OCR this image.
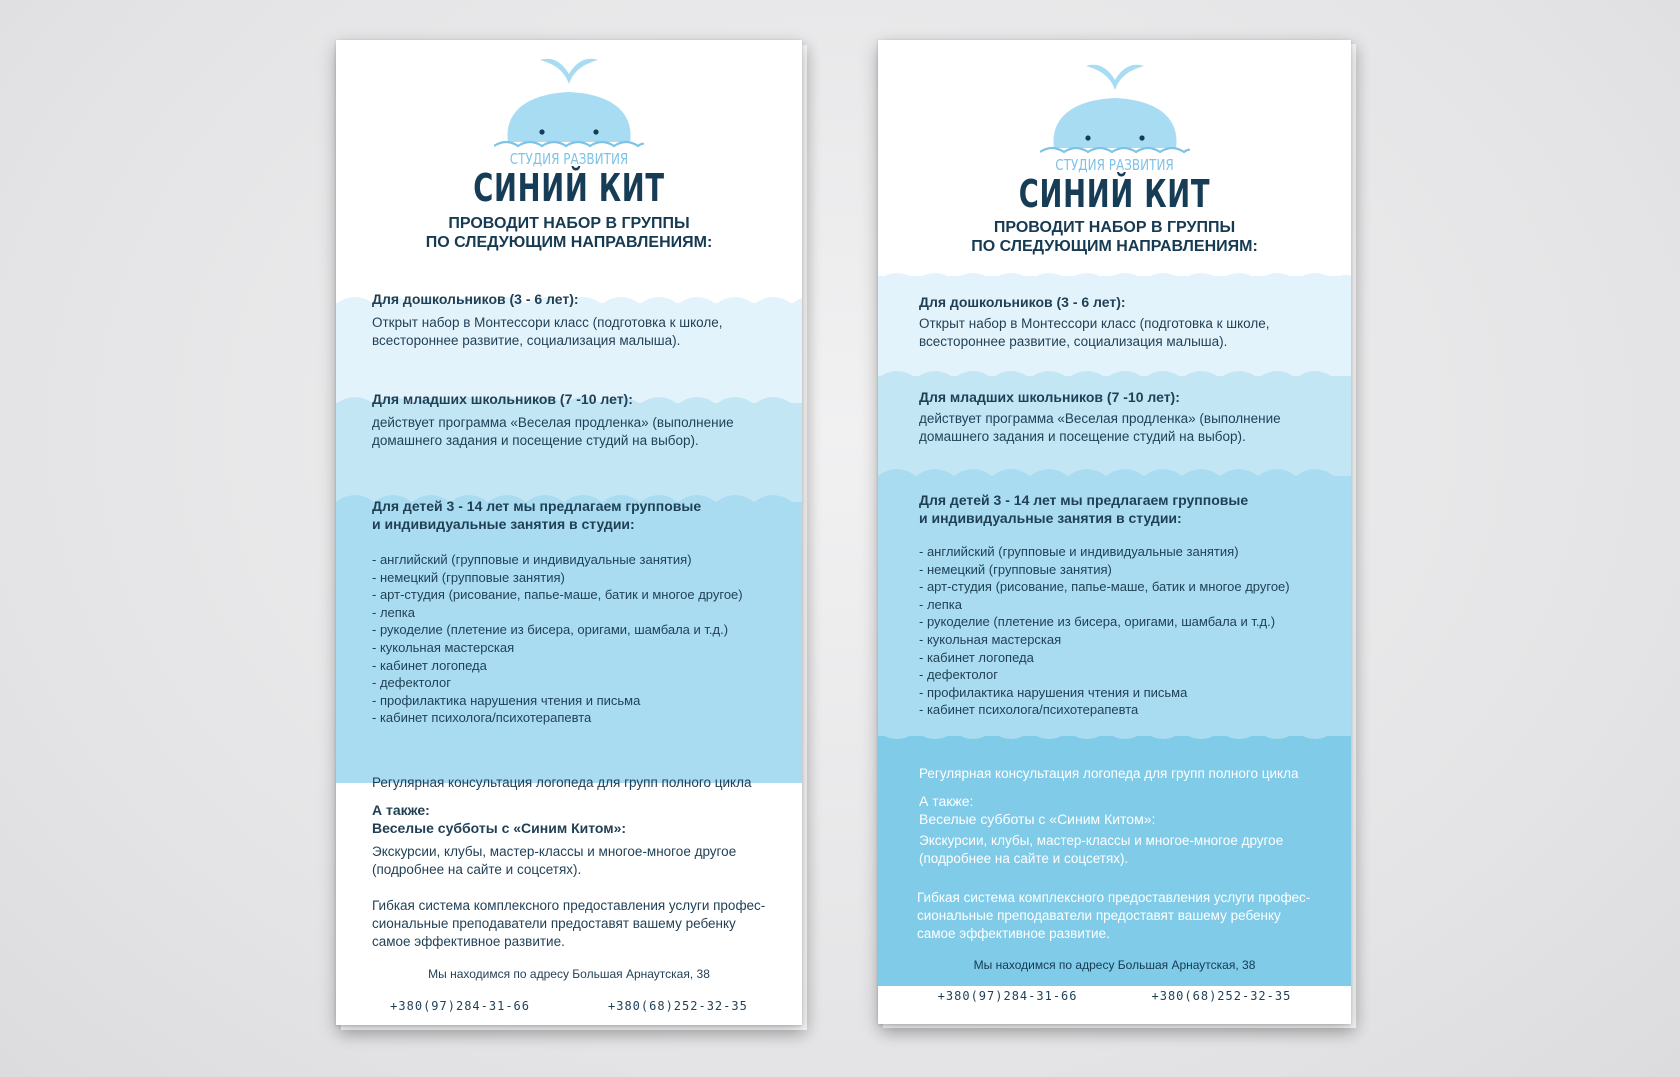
СТУДИЯ РАЗВИТИЯ
СИНИЙ КИТ
ПРОВОДИТ НАБОР В ГРУППЫ
ПО СЛЕДУЮЩИМ НАПРАВЛЕНИЯМ:
Для дошкольников (3 - 6 лет):
Открыт набор в Монтессори класс (подготовка к школе,
всестороннее развитие, социализация малыша).
Для младших школьников (7 -10 лет):
действует программа «Веселая продленка» (выполнение
домашнего задания и посещение студий на выбор).
Для детей 3 - 14 лет мы предлагаем групповые
и индивидуальные занятия в студии:
- английский (групповые и индивидуальные занятия)
- немецкий (групповые занятия)
- арт-студия (рисование, папье-маше, батик и многое другое)
- лепка
- рукоделие (плетение из бисера, оригами, шамбала и т.д.)
- кукольная мастерская
- кабинет логопеда
- дефектолог
- профилактика нарушения чтения и письма
- кабинет психолога/психотерапевта
Регулярная консультация логопеда для групп полного цикла
А также:
Веселые субботы с «Синим Китом»:
Экскурсии, клубы, мастер-классы и многое-многое другое
(подробнее на сайте и соцсетях).
Гибкая система комплексного предоставления услуги профес-
сиональные преподаватели предоставят вашему ребенку
самое эффективное развитие.
Мы находимся по адресу Большая Арнаутская, 38
+380(97)284-31-66	+380(68)252-32-35
СТУДИЯ РАЗВИТИЯ
СИНИЙ КИТ
ПРОВОДИТ НАБОР В ГРУППЫ
ПО СЛЕДУЮЩИМ НАПРАВЛЕНИЯМ:
Для дошкольников (3 - 6 лет):
Открыт набор в Монтессори класс (подготовка к школе,
всестороннее развитие, социализация малыша).
Для младших школьников (7 -10 лет):
действует программа «Веселая продленка» (выполнение
домашнего задания и посещение студий на выбор).
Для детей 3 - 14 лет мы предлагаем групповые
и индивидуальные занятия в студии:
- английский (групповые и индивидуальные занятия)
- немецкий (групповые занятия)
- арт-студия (рисование, папье-маше, батик и многое другое)
- лепка
- рукоделие (плетение из бисера, оригами, шамбала и т.д.)
- кукольная мастерская
- кабинет логопеда
- дефектолог
- профилактика нарушения чтения и письма
- кабинет психолога/психотерапевта
Регулярная консультация логопеда для групп полного цикла
А также:
Веселые субботы с «Синим Китом»:
Экскурсии, клубы, мастер-классы и многое-многое другое
(подробнее на сайте и соцсетях).
Гибкая система комплексного предоставления услуги профес-
сиональные преподаватели предоставят вашему ребенку
самое эффективное развитие.
Мы находимся по адресу Большая Арнаутская, 38
+380(97)284-31-66	+380(68)252-32-35
